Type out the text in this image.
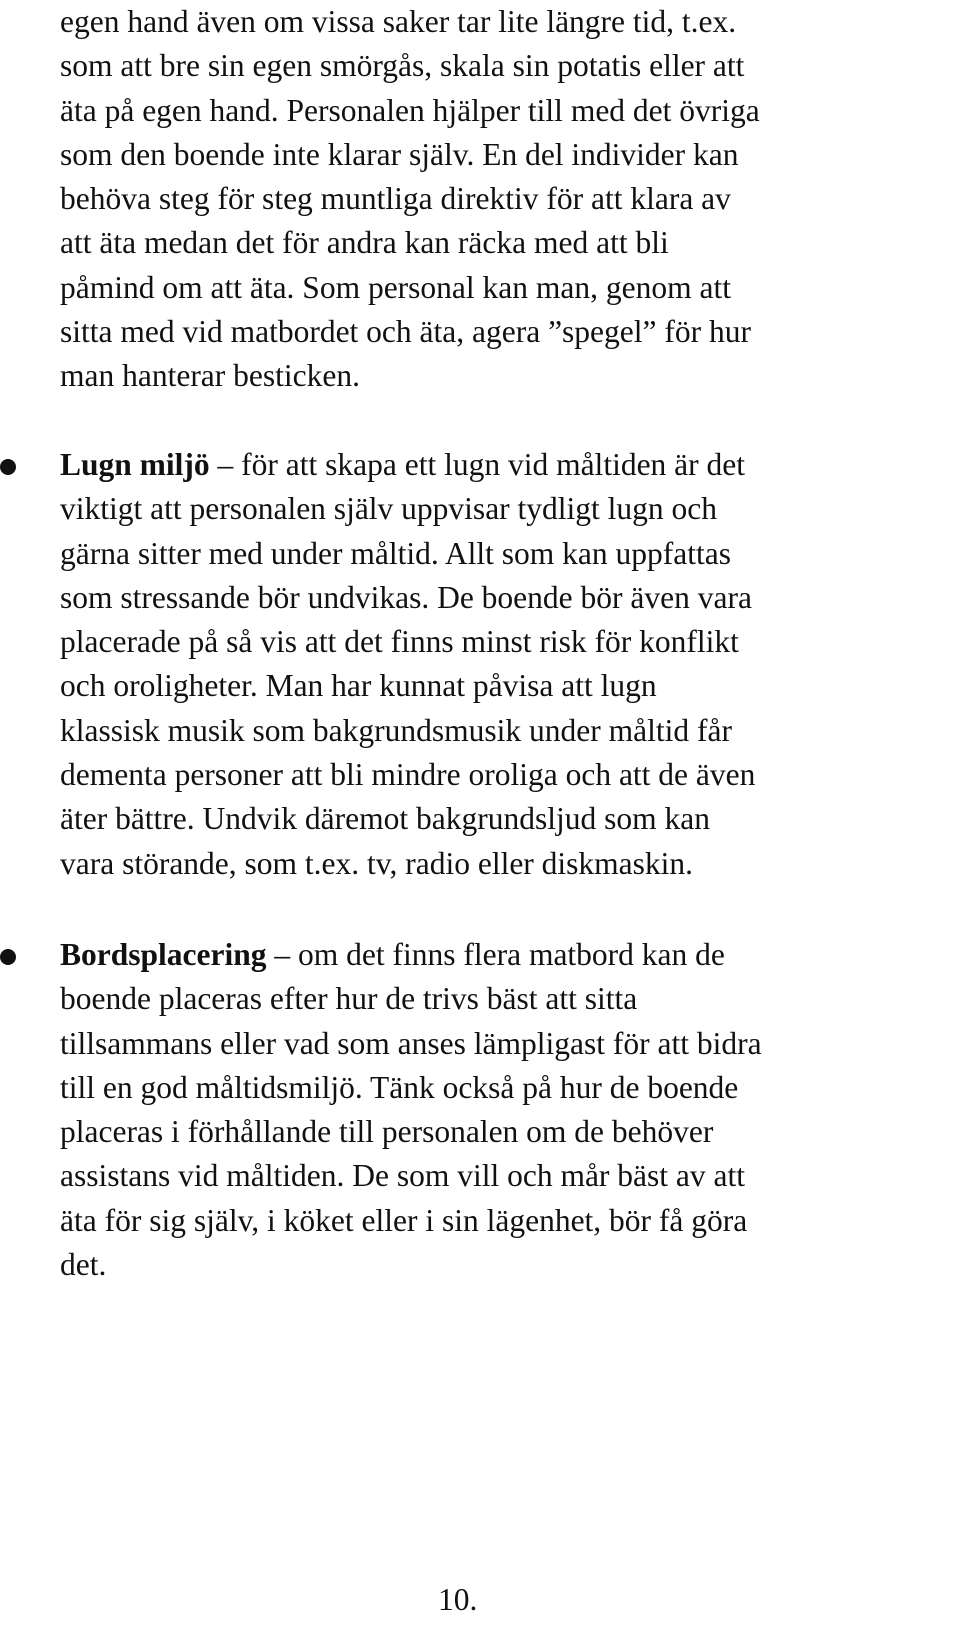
egen hand även om vissa saker tar lite längre tid, t.ex.
som att bre sin egen smörgås, skala sin potatis eller att
äta på egen hand. Personalen hjälper till med det övriga
som den boende inte klarar själv. En del individer kan
behöva steg för steg muntliga direktiv för att klara av
att äta medan det för andra kan räcka med att bli
påmind om att äta. Som personal kan man, genom att
sitta med vid matbordet och äta, agera ”spegel” för hur
man hanterar besticken.

Lugn miljö – för att skapa ett lugn vid måltiden är det
viktigt att personalen själv uppvisar tydligt lugn och
gärna sitter med under måltid. Allt som kan uppfattas
som stressande bör undvikas. De boende bör även vara
placerade på så vis att det finns minst risk för konflikt
och oroligheter. Man har kunnat påvisa att lugn
klassisk musik som bakgrundsmusik under måltid får
dementa personer att bli mindre oroliga och att de även
äter bättre. Undvik däremot bakgrundsljud som kan
vara störande, som t.ex. tv, radio eller diskmaskin.

Bordsplacering – om det finns flera matbord kan de
boende placeras efter hur de trivs bäst att sitta
tillsammans eller vad som anses lämpligast för att bidra
till en god måltidsmiljö. Tänk också på hur de boende
placeras i förhållande till personalen om de behöver
assistans vid måltiden. De som vill och mår bäst av att
äta för sig själv, i köket eller i sin lägenhet, bör få göra
det.

10.
